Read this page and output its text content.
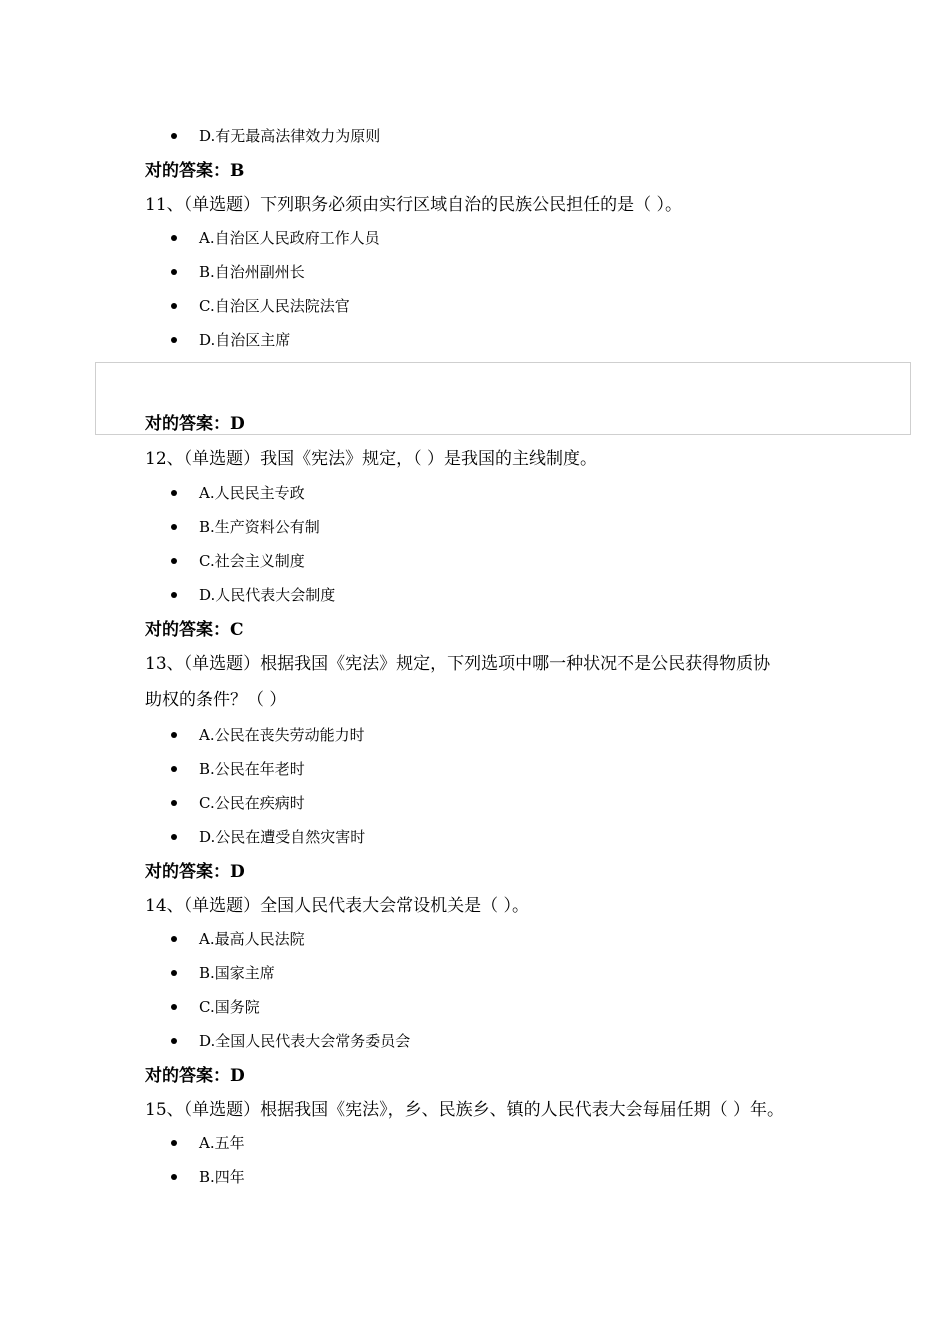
D.有无最高法律效力为原则
对的答案：B
11、（单选题）下列职务必须由实行区域自治的民族公民担任的是（ ）。
A.自治区人民政府工作人员
B.自治州副州长
C.自治区人民法院法官
D.自治区主席
对的答案：D
12、（单选题）我国《宪法》规定，（ ）是我国的主线制度。
A.人民民主专政
B.生产资料公有制
C.社会主义制度
D.人民代表大会制度
对的答案：C
13、（单选题）根据我国《宪法》规定，下列选项中哪一种状况不是公民获得物质协
助权的条件？（ ）
A.公民在丧失劳动能力时
B.公民在年老时
C.公民在疾病时
D.公民在遭受自然灾害时
对的答案：D
14、（单选题）全国人民代表大会常设机关是（ ）。
A.最高人民法院
B.国家主席
C.国务院
D.全国人民代表大会常务委员会
对的答案：D
15、（单选题）根据我国《宪法》，乡、民族乡、镇的人民代表大会每届任期（ ）年。
A.五年
B.四年
